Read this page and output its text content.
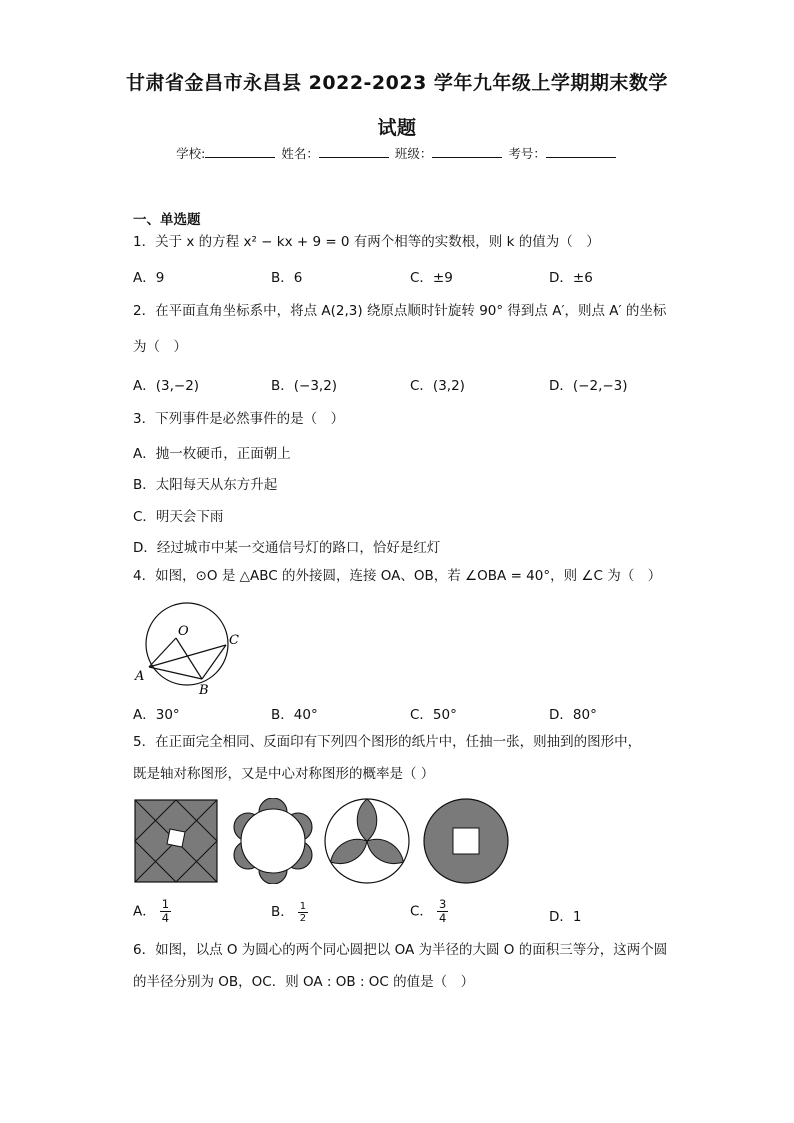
甘肃省金昌市永昌县 2022-2023 学年九年级上学期期末数学
试题
学校:	姓名：	班级：	考号：
一、单选题
1．关于 x 的方程 x² − kx + 9 = 0 有两个相等的实数根，则 k 的值为（　）
A．9	B．6	C．±9	D．±6
2．在平面直角坐标系中，将点 A(2,3) 绕原点顺时针旋转 90° 得到点 A′，则点 A′ 的坐标
为（　）
A．(3,−2)	B．(−3,2)	C．(3,2)	D．(−2,−3)
3．下列事件是必然事件的是（　）
A．抛一枚硬币，正面朝上
B．太阳每天从东方升起
C．明天会下雨
D．经过城市中某一交通信号灯的路口，恰好是红灯
4．如图，⊙O 是 △ABC 的外接圆，连接 OA、OB，若 ∠OBA = 40°，则 ∠C 为（　）
O
A
B
C
A．30°	B．40°	C．50°	D．80°
5．在正面完全相同、反面印有下列四个图形的纸片中，任抽一张，则抽到的图形中，
既是轴对称图形，又是中心对称图形的概率是（ ）
A． $\frac{1}{4}$	B． $\frac{1}{2}$	C． $\frac{3}{4}$	D．1
6．如图，以点 O 为圆心的两个同心圆把以 OA 为半径的大圆 O 的面积三等分，这两个圆
的半径分别为 OB，OC．则 OA : OB : OC 的值是（　）
